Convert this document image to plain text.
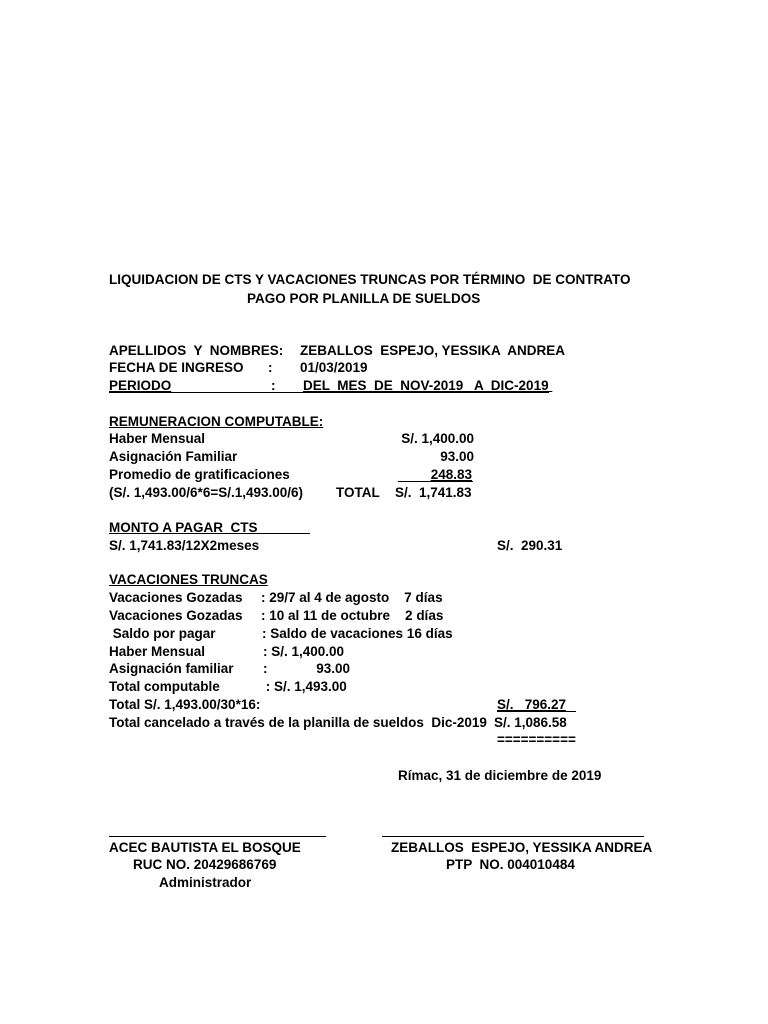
LIQUIDACION DE CTS Y VACACIONES TRUNCAS POR TÉRMINO  DE CONTRATO
PAGO POR PLANILLA DE SUELDOS
APELLIDOS  Y  NOMBRES: ZEBALLOS  ESPEJO, YESSIKA  ANDREA
FECHA DE INGRESO : 01/03/2019
PERIODO	: DEL  MES  DE  NOV-2019   A  DIC-2019
REMUNERACION COMPUTABLE:
Haber Mensual	S/. 1,400.00
Asignación Familiar	93.00
Promedio de gratificaciones	248.83
(S/. 1,493.00/6*6=S/.1,493.00/6) TOTAL S/.  1,741.83
MONTO A PAGAR  CTS
S/. 1,741.83/12X2meses	S/.  290.31
VACACIONES TRUNCAS
Vacaciones Gozadas : 29/7 al 4 de agosto    7 días
Vacaciones Gozadas : 10 al 11 de octubre    2 días
Saldo por pagar	: Saldo de vacaciones 16 días
Haber Mensual	: S/. 1,400.00
Asignación familiar :             93.00
Total computable	: S/. 1,493.00
Total S/. 1,493.00/30*16:	S/.   796.27
Total cancelado a través de la planilla de sueldos  Dic-2019 S/. 1,086.58
==========
Rímac, 31 de diciembre de 2019
ACEC BAUTISTA EL BOSQUE
RUC NO. 20429686769
Administrador
ZEBALLOS  ESPEJO, YESSIKA ANDREA
PTP  NO. 004010484
